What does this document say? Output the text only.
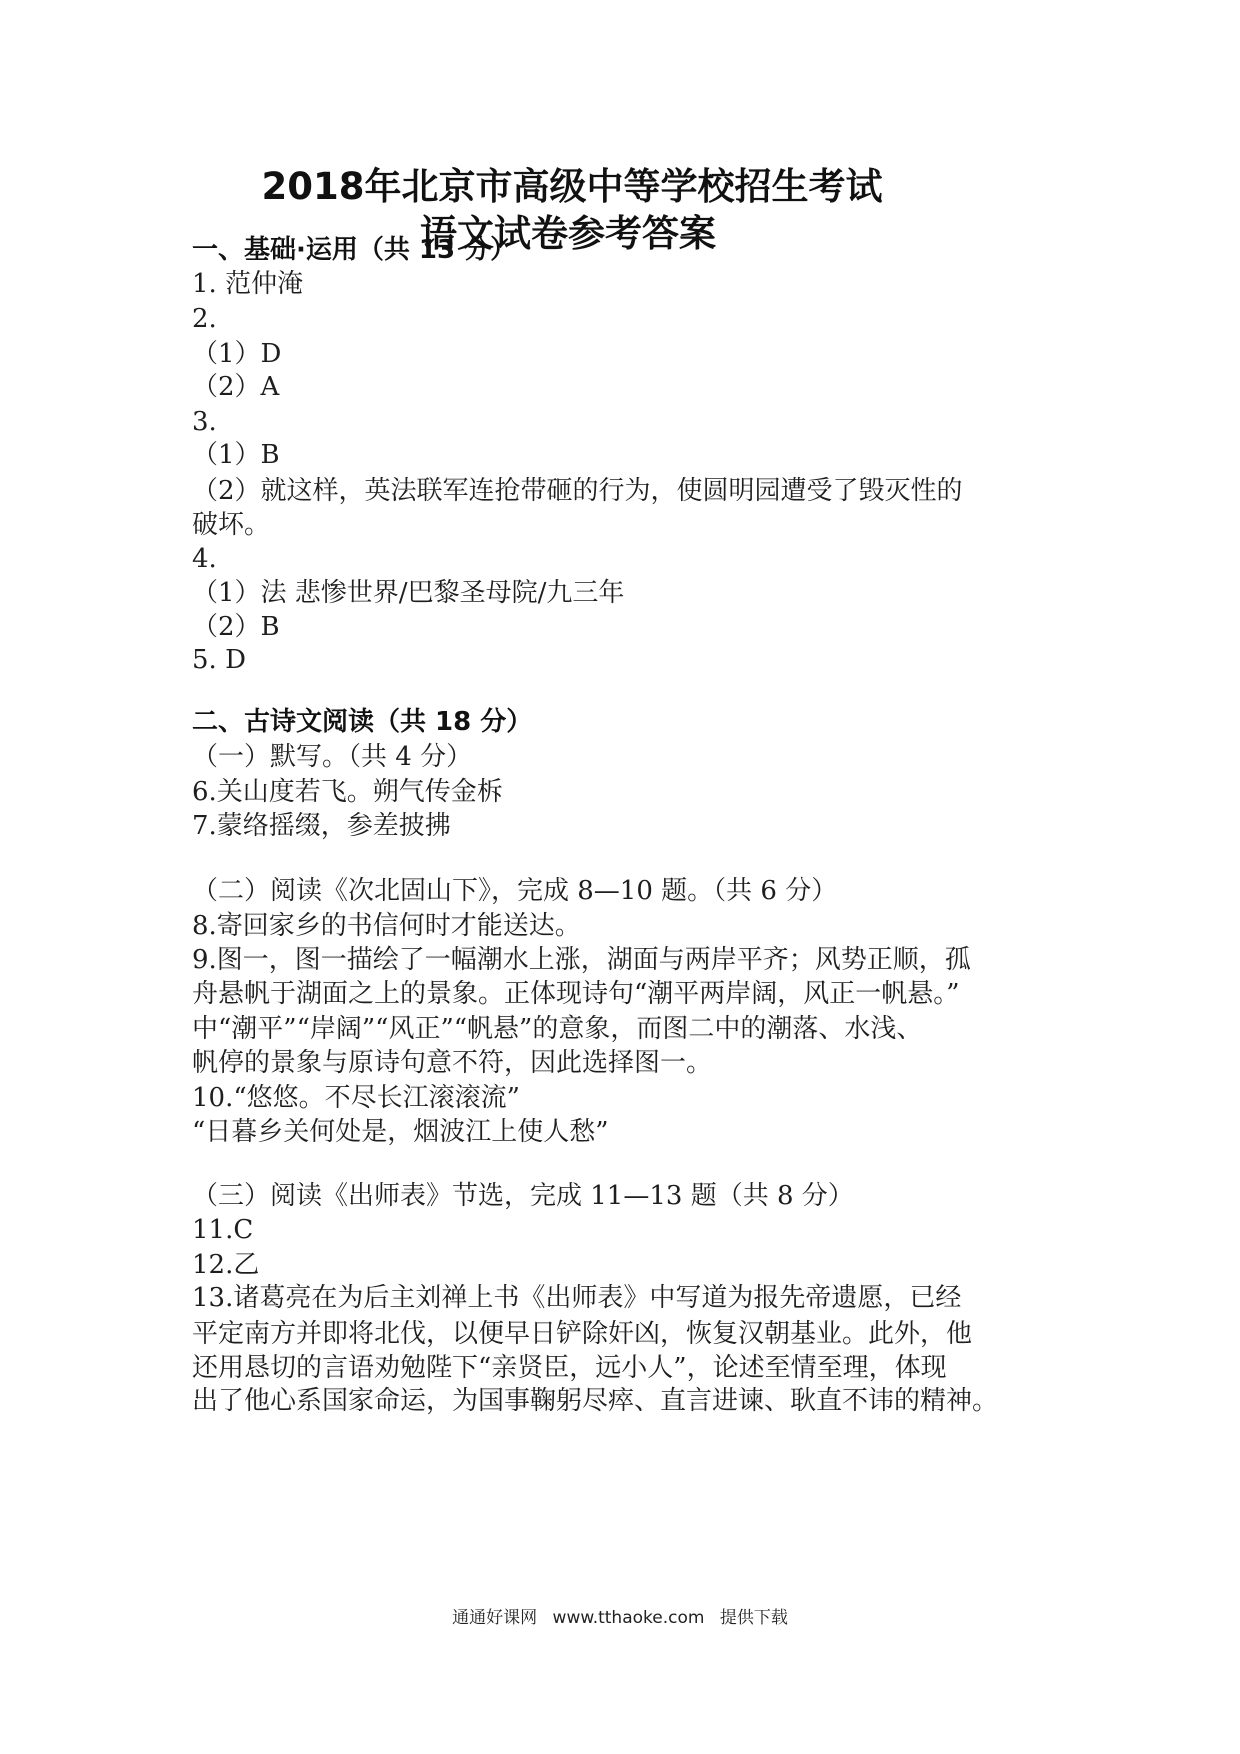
2018年北京市高级中等学校招生考试
语文试卷参考答案
一、基础·运用（共 13 分）
1. 范仲淹
2.
（1）D
（2）A
3.
（1）B
（2）就这样，英法联军连抢带砸的行为，使圆明园遭受了毁灭性的
破坏。
4.
（1）法 悲惨世界/巴黎圣母院/九三年
（2）B
5. D
二、古诗文阅读（共 18 分）
（一）默写。（共 4 分）
6.关山度若飞。朔气传金柝
7.蒙络摇缀，参差披拂
（二）阅读《次北固山下》，完成 8—10 题。（共 6 分）
8.寄回家乡的书信何时才能送达。
9.图一，图一描绘了一幅潮水上涨，湖面与两岸平齐；风势正顺，孤
舟悬帆于湖面之上的景象。正体现诗句“潮平两岸阔，风正一帆悬。”
中“潮平”“岸阔”“风正”“帆悬”的意象，而图二中的潮落、水浅、
帆停的景象与原诗句意不符，因此选择图一。
10.“悠悠。不尽长江滚滚流”
“日暮乡关何处是，烟波江上使人愁”
（三）阅读《出师表》节选，完成 11—13 题（共 8 分）
11.C
12.乙
13.诸葛亮在为后主刘禅上书《出师表》中写道为报先帝遗愿，已经
平定南方并即将北伐，以便早日铲除奸凶，恢复汉朝基业。此外，他
还用恳切的言语劝勉陛下“亲贤臣，远小人”，论述至情至理，体现
出了他心系国家命运，为国事鞠躬尽瘁、直言进谏、耿直不讳的精神。
通通好课网 www.tthaoke.com 提供下载
